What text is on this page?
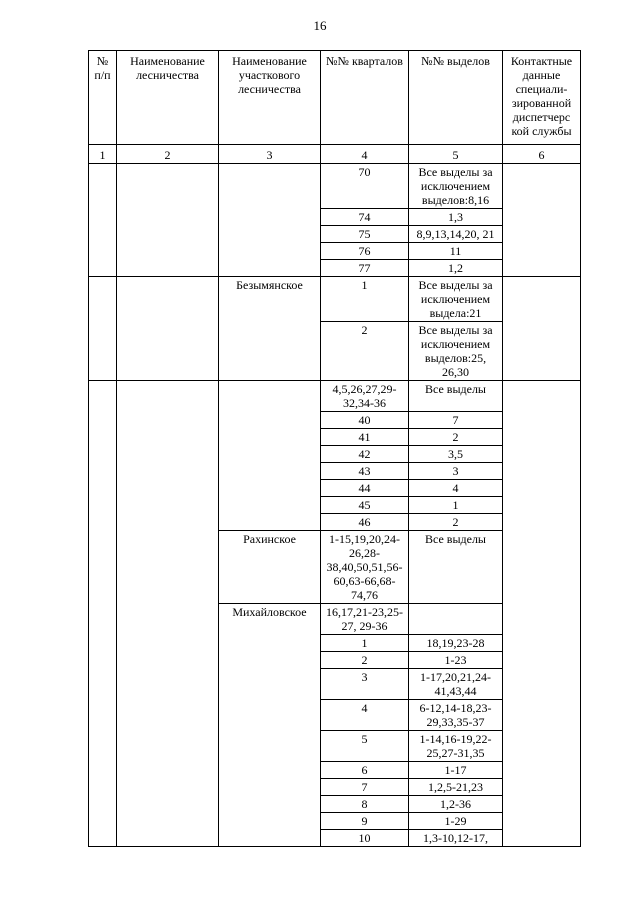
16
№ п/п	Наименование лесничества	Наименование участкового лесничества	№№ кварталов	№№ выделов	Контактные данные специали-зированной диспетчерс кой службы
1	2	3	4	5	6
			70	Все выделы за исключением выделов:8,16	
			74	1,3	
			75	8,9,13,14,20, 21	
			76	11	
			77	1,2	
		Безымянское	1	Все выделы за исключением выдела:21	
			2	Все выделы за исключением выделов:25, 26,30	
			4,5,26,27,29-32,34-36	Все выделы	
			40	7	
			41	2	
			42	3,5	
			43	3	
			44	4	
			45	1	
			46	2	
		Рахинское	1-15,19,20,24-26,28-38,40,50,51,56-60,63-66,68-74,76	Все выделы	
		Михайловское	16,17,21-23,25-27, 29-36		
			1	18,19,23-28	
			2	1-23	
			3	1-17,20,21,24-41,43,44	
			4	6-12,14-18,23-29,33,35-37	
			5	1-14,16-19,22-25,27-31,35	
			6	1-17	
			7	1,2,5-21,23	
			8	1,2-36	
			9	1-29	
			10	1,3-10,12-17,	
